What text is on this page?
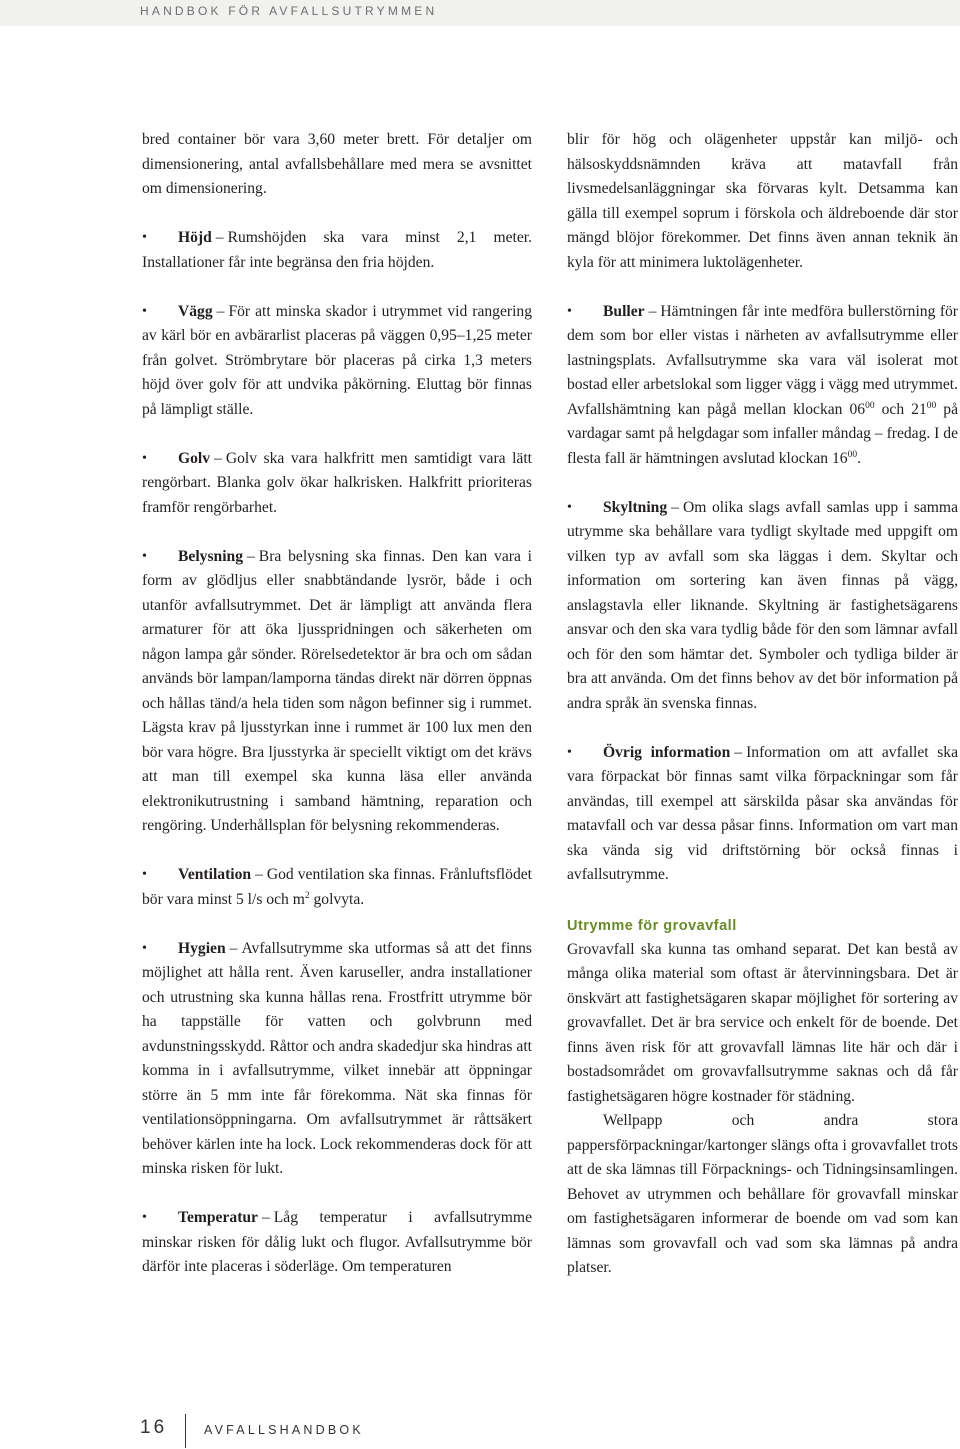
HANDBOK FÖR AVFALLSUTRYMMEN

bred container bör vara 3,60 meter brett. För detaljer om dimensionering, antal avfallsbehållare med mera se avsnittet om dimensionering.

• Höjd – Rumshöjden ska vara minst 2,1 meter. Installationer får inte begränsa den fria höjden.
• Vägg – För att minska skador i utrymmet vid rangering av kärl bör en avbärarlist placeras på väggen 0,95–1,25 meter från golvet. Strömbrytare bör placeras på cirka 1,3 meters höjd över golv för att undvika påkörning. Eluttag bör finnas på lämpligt ställe.
• Golv – Golv ska vara halkfritt men samtidigt vara lätt rengörbart. Blanka golv ökar halkrisken. Halkfritt prioriteras framför rengörbarhet.
• Belysning – Bra belysning ska finnas. Den kan vara i form av glödljus eller snabbtändande lysrör, både i och utanför avfallsutrymmet. Det är lämpligt att använda flera armaturer för att öka ljusspridningen och säkerheten om någon lampa går sönder. Rörelsedetektor är bra och om sådan används bör lampan/lamporna tändas direkt när dörren öppnas och hållas tänd/a hela tiden som någon befinner sig i rummet. Lägsta krav på ljusstyrkan inne i rummet är 100 lux men den bör vara högre. Bra ljusstyrka är speciellt viktigt om det krävs att man till exempel ska kunna läsa eller använda elektronikutrustning i samband hämtning, reparation och rengöring. Underhållsplan för belysning rekommenderas.
• Ventilation – God ventilation ska finnas. Frånluftsflödet bör vara minst 5 l/s och $m^2$ golvyta.
• Hygien – Avfallsutrymme ska utformas så att det finns möjlighet att hålla rent. Även karuseller, andra installationer och utrustning ska kunna hållas rena. Frostfritt utrymme bör ha tappställe för vatten och golvbrunn med avdunstningsskydd. Råttor och andra skadedjur ska hindras att komma in i avfallsutrymme, vilket innebär att öppningar större än 5 mm inte får förekomma. Nät ska finnas för ventilationsöppningarna. Om avfallsutrymmet är råttsäkert behöver kärlen inte ha lock. Lock rekommenderas dock för att minska risken för lukt.
• Temperatur – Låg temperatur i avfallsutrymme minskar risken för dålig lukt och flugor. Avfallsutrymme bör därför inte placeras i söderläge. Om temperaturen

blir för hög och olägenheter uppstår kan miljö- och hälsoskyddsnämnden kräva att matavfall från livsmedelsanläggningar ska förvaras kylt. Detsamma kan gälla till exempel soprum i förskola och äldreboende där stor mängd blöjor förekommer. Det finns även annan teknik än kyla för att minimera luktolägenheter.

• Buller – Hämtningen får inte medföra bullerstörning för dem som bor eller vistas i närheten av avfallsutrymme eller lastningsplats. Avfallsutrymme ska vara väl isolerat mot bostad eller arbetslokal som ligger vägg i vägg med utrymmet. Avfallshämtning kan pågå mellan klockan $06^{00}$ och $21^{00}$ på vardagar samt på helgdagar som infaller måndag – fredag. I de flesta fall är hämtningen avslutad klockan $16^{00}$.
• Skyltning – Om olika slags avfall samlas upp i samma utrymme ska behållare vara tydligt skyltade med uppgift om vilken typ av avfall som ska läggas i dem. Skyltar och information om sortering kan även finnas på vägg, anslagstavla eller liknande. Skyltning är fastighetsägarens ansvar och den ska vara tydlig både för den som lämnar avfall och för den som hämtar det. Symboler och tydliga bilder är bra att använda. Om det finns behov av det bör information på andra språk än svenska finnas.
• Övrig information – Information om att avfallet ska vara förpackat bör finnas samt vilka förpackningar som får användas, till exempel att särskilda påsar ska användas för matavfall och var dessa påsar finns. Information om vart man ska vända sig vid driftstörning bör också finnas i avfallsutrymme.
Utrymme för grovavfall

Grovavfall ska kunna tas omhand separat. Det kan bestå av många olika material som oftast är återvinningsbara. Det är önskvärt att fastighetsägaren skapar möjlighet för sortering av grovavfallet. Det är bra service och enkelt för de boende. Det finns även risk för att grovavfall lämnas lite här och där i bostadsområdet om grovavfallsutrymme saknas och då får fastighetsägaren högre kostnader för städning.

Wellpapp och andra stora pappersförpackningar/kartonger slängs ofta i grovavfallet trots att de ska lämnas till Förpacknings- och Tidningsinsamlingen. Behovet av utrymmen och behållare för grovavfall minskar om fastighetsägaren informerar de boende om vad som kan lämnas som grovavfall och vad som ska lämnas på andra platser.

16	AVFALLSHANDBOK
